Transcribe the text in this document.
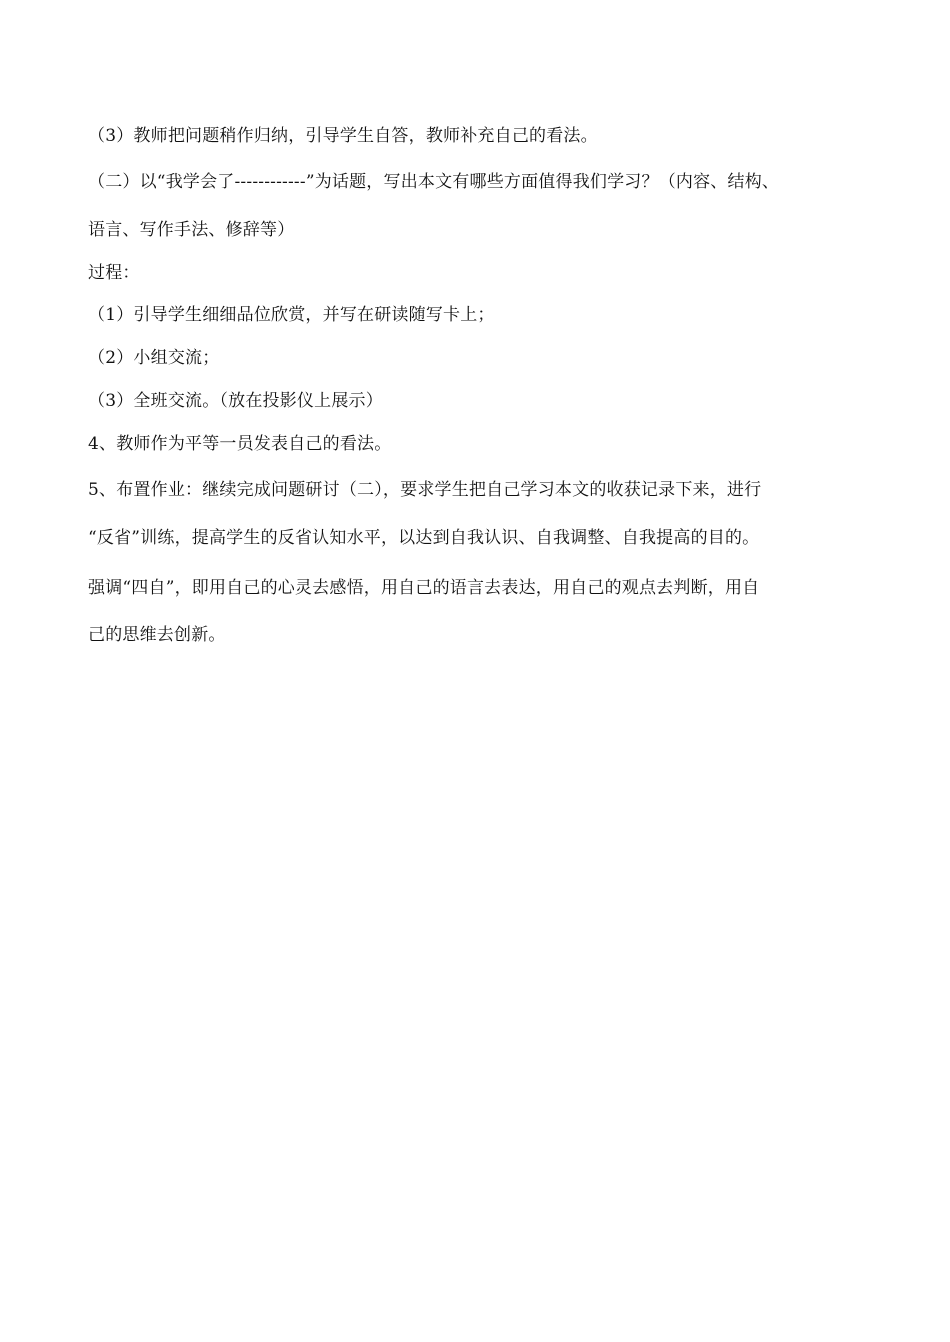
（3）教师把问题稍作归纳，引导学生自答，教师补充自己的看法。
（二）以“我学会了------------”为话题，写出本文有哪些方面值得我们学习？（内容、结构、
语言、写作手法、修辞等）
过程：
（1）引导学生细细品位欣赏，并写在研读随写卡上；
（2）小组交流；
（3）全班交流。（放在投影仪上展示）
4、教师作为平等一员发表自己的看法。
5、布置作业：继续完成问题研讨（二），要求学生把自己学习本文的收获记录下来，进行
“反省”训练，提高学生的反省认知水平，以达到自我认识、自我调整、自我提高的目的。
强调“四自”，即用自己的心灵去感悟，用自己的语言去表达，用自己的观点去判断，用自
己的思维去创新。
